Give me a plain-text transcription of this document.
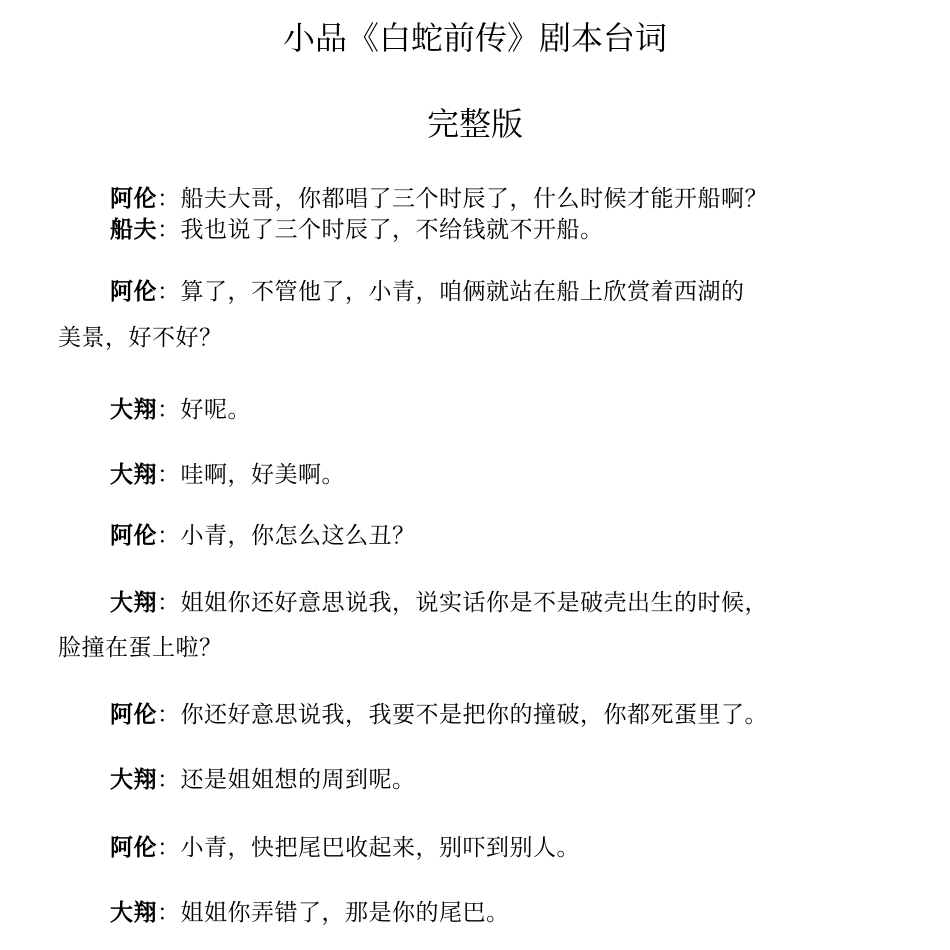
小品《白蛇前传》剧本台词
完整版
阿伦：船夫大哥，你都唱了三个时辰了，什么时候才能开船啊？
船夫：我也说了三个时辰了，不给钱就不开船。
阿伦：算了，不管他了，小青，咱俩就站在船上欣赏着西湖的
美景，好不好？
大翔：好呢。
大翔：哇啊，好美啊。
阿伦：小青，你怎么这么丑？
大翔：姐姐你还好意思说我，说实话你是不是破壳出生的时候，
脸撞在蛋上啦？
阿伦：你还好意思说我，我要不是把你的撞破，你都死蛋里了。
大翔：还是姐姐想的周到呢。
阿伦：小青，快把尾巴收起来，别吓到别人。
大翔：姐姐你弄错了，那是你的尾巴。
